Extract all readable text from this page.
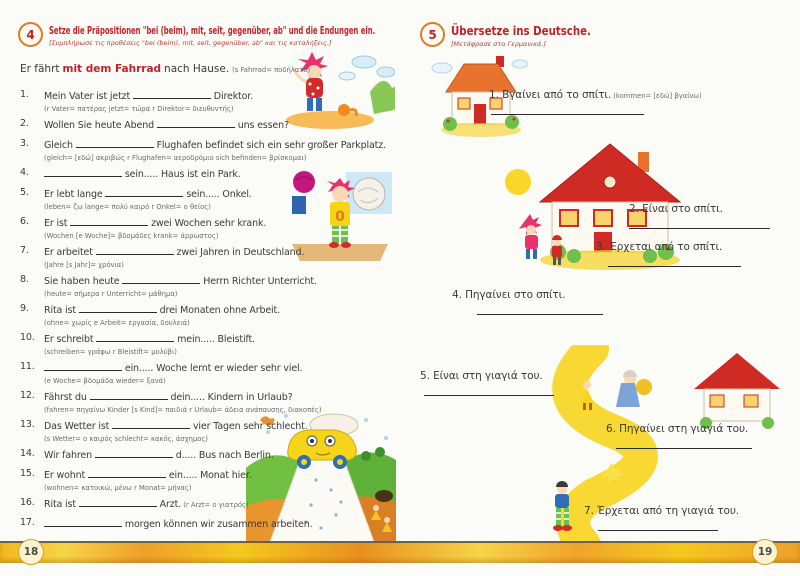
0
4	Setze die Präpositionen "bei (beim), mit, seit, gegenüber, ab" und die Endungen ein.
[Συμπλήρωσε τις προθέσεις "bei (beim), mit, seit, gegenüber, ab" και τις καταλήξεις.]
Er fährt mit dem Fahrrad nach Hause. (s Fahrrad= ποδήλατο)
1.	Mein Vater ist jetzt	Direktor.
(r Vater= πατέρας jetzt= τώρα r Direktor= διευθυντής)
2.	Wollen Sie heute Abend	uns essen?
3.	Gleich	Flughafen befindet sich ein sehr großer Parkplatz.
(gleich= [εδώ] ακριβώς r Flughafen= αεροδρόμιο sich befinden= βρίσκομαι)
4.	sein..... Haus ist ein Park.
5.	Er lebt lange	sein..... Onkel.
(leben= ζω lange= πολύ καιρό r Onkel= ο θείος)
6.	Er ist	zwei Wochen sehr krank.
(Wochen [e Woche]= βδομάδες krank= άρρωστος)
7.	Er arbeitet	zwei Jahren in Deutschland.
(Jahre [s Jahr]= χρόνια)
8.	Sie haben heute	Herrn Richter Unterricht.
(heute= σήμερα r Unterricht= μάθημα)
9.	Rita ist	drei Monaten ohne Arbeit.
(ohne= χωρίς e Arbeit= εργασία, δουλειά)
10. Er schreibt	mein..... Bleistift.
(schreiben= γράφω r Bleistift= μολύβι)
11.	ein..... Woche lernt er wieder sehr viel.
(e Woche= βδομάδα wieder= ξανά)
12. Fährst du	dein..... Kindern in Urlaub?
(fahren= πηγαίνω Kinder [s Kind]= παιδιά r Urlaub= άδεια ανάπαυσης, διακοπές)
13. Das Wetter ist	vier Tagen sehr schlecht.
(s Wetter= ο καιρός schlecht= κακός, άσχημος)
14. Wir fahren	d..... Bus nach Berlin.
15. Er wohnt	ein..... Monat hier.
(wohnen= κατοικώ, μένω r Monat= μήνας)
16. Rita ist	Arzt. (r Arzt= ο γιατρός)
17.	morgen können wir zusammen arbeiten.
5	Übersetze ins Deutsche.
[Μετάφρασε στα Γερμανικά.]
1. Βγαίνει από το σπίτι. (kommen= [εδώ] βγαίνω)
2. Είναι στο σπίτι.
3. Έρχεται από το σπίτι.
4. Πηγαίνει στο σπίτι.
5. Είναι στη γιαγιά του.
6. Πηγαίνει στη γιαγιά του.
7. Έρχεται από τη γιαγιά του.
18	19
